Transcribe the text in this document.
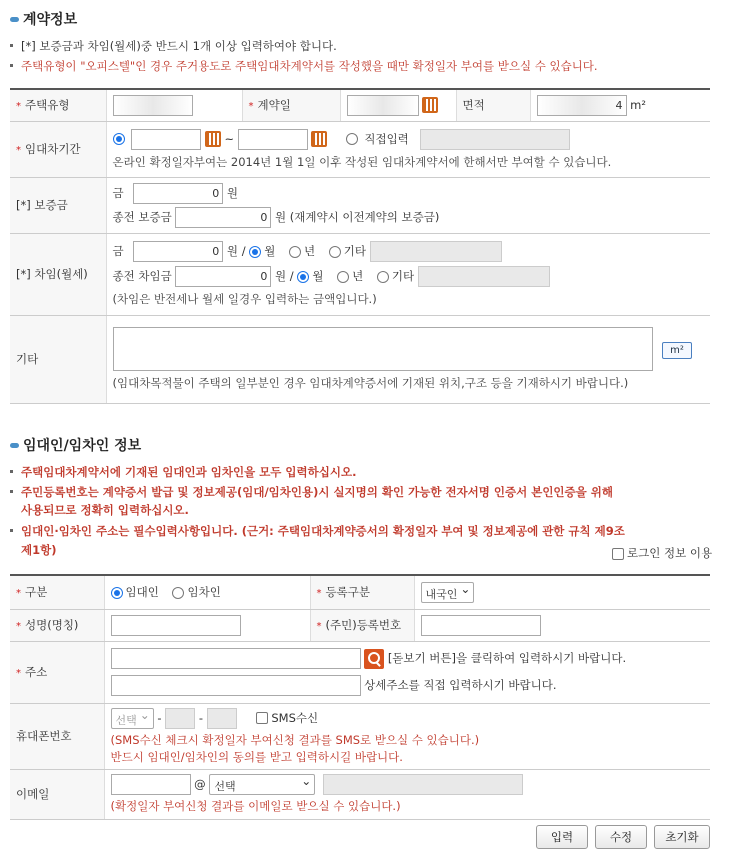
계약정보
[*] 보증금과 차임(월세)중 반드시 1개 이상 입력하여야 합니다.
주택유형이 "오피스텔"인 경우 주거용도로 주택임대차계약서를 작성했을 때만 확정일자 부여를 받으실 수 있습니다.
* 주택유형		* 계약일		면적	4 m²
* 임대차기간	~ 직접입력
온라인 확정일자부여는 2014년 1월 1일 이후 작성된 임대차계약서에 한해서만 부여할 수 있습니다.				

[*] 보증금	금 0 원
종전 보증금 0 원 (재계약시 이전계약의 보증금)				

[*] 차임(월세)	금 0 원 / 월 년 기타
종전 차임금 0 원 / 월 년 기타
(차임은 반전세나 월세 일경우 입력하는 금액입니다.)				

기타	m²
(임대차목적물이 주택의 일부분인 경우 임대차계약증서에 기재된 위치,구조 등을 기재하시기 바랍니다.)				
임대인/임차인 정보
주택임대차계약서에 기재된 임대인과 임차인을 모두 입력하십시오.
주민등록번호는 계약증서 발급 및 정보제공(임대/임차인용)시 실지명의 확인 가능한 전자서명 인증서 본인인증을 위해
사용되므로 정확히 입력하십시오.
임대인·임차인 주소는 필수입력사항입니다. (근거: 주택임대차계약증서의 확정일자 부여 및 정보제공에 관한 규칙 제9조
제1항)	로그인 정보 이용
* 구분	임대인 임차인	* 등록구분	내국인 ⌄
* 성명(명칭)		* (주민)등록번호	
* 주소	[돋보기 버튼]을 클릭하여 입력하시기 바랍니다.
상세주소를 직접 입력하시기 바랍니다.		

휴대폰번호	선택 ⌄ - - SMS수신
(SMS수신 체크시 확정일자 부여신청 결과를 SMS로 받으실 수 있습니다.)
반드시 임대인/임차인의 동의를 받고 입력하시길 바랍니다.

이메일	@ 선택 ⌄
(확정일자 부여신청 결과를 이메일로 받으실 수 있습니다.)
입력	수정	초기화
